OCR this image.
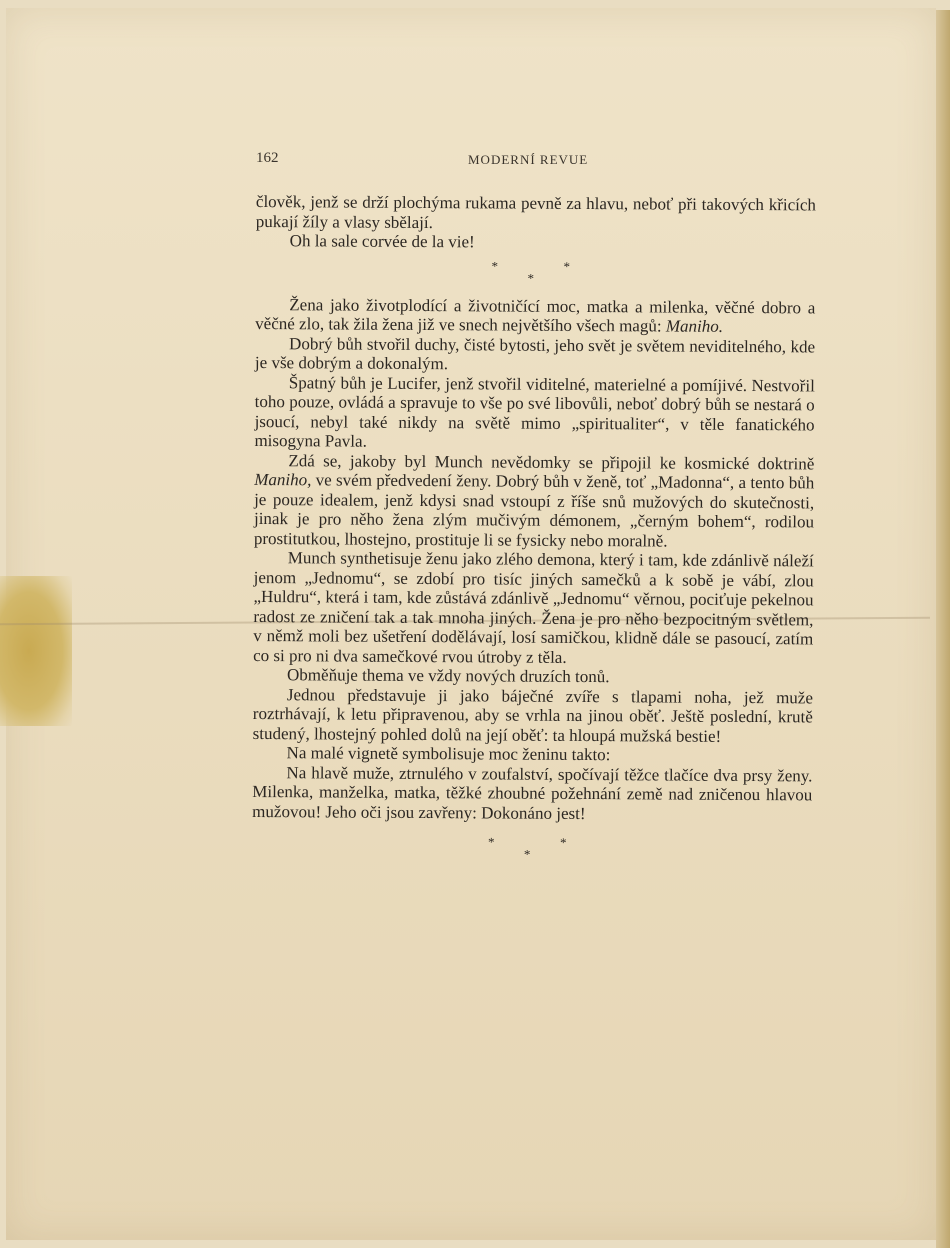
162	MODERNÍ REVUE

člověk, jenž se drží plochýma rukama pevně za hlavu, neboť při takových křicích pukají žíly a vlasy sbělají.

Oh la sale corvée de la vie!

*
*
*

Žena jako životplodící a životničící moc, matka a milenka, věčné dobro a věčné zlo, tak žila žena již ve snech největšího všech magů: Maniho.

Dobrý bůh stvořil duchy, čisté bytosti, jeho svět je světem neviditelného, kde je vše dobrým a dokonalým.

Špatný bůh je Lucifer, jenž stvořil viditelné, materielné a pomíjivé. Nestvořil toho pouze, ovládá a spravuje to vše po své libovůli, neboť dobrý bůh se nestará o jsoucí, nebyl také nikdy na světě mimo „spiritualiter“, v těle fanatického misogyna Pavla.

Zdá se, jakoby byl Munch nevědomky se připojil ke kosmické doktrině Maniho, ve svém předvedení ženy. Dobrý bůh v ženě, toť „Madonna“, a tento bůh je pouze idealem, jenž kdysi snad vstoupí z říše snů mužových do skutečnosti, jinak je pro něho žena zlým mučivým démonem, „černým bohem“, rodilou prostitutkou, lhostejno, prostituje li se fysicky nebo moralně.

Munch synthetisuje ženu jako zlého demona, který i tam, kde zdánlivě náleží jenom „Jednomu“, se zdobí pro tisíc jiných samečků a k sobě je vábí, zlou „Huldru“, která i tam, kde zůstává zdánlivě „Jednomu“ věrnou, pociťuje pekelnou radost ze zničení tak a tak mnoha jiných. Žena je pro něho bezpocitným světlem, v němž moli bez ušetření dodělávají, losí samičkou, klidně dále se pasoucí, zatím co si pro ni dva samečkové rvou útroby z těla.

Obměňuje thema ve vždy nových druzích tonů.

Jednou představuje ji jako báječné zvíře s tlapami noha, jež muže roztrhávají, k letu připravenou, aby se vrhla na jinou oběť. Ještě poslední, krutě studený, lhostejný pohled dolů na její oběť: ta hloupá mužská bestie!

Na malé vignetě symbolisuje moc ženinu takto:

Na hlavě muže, ztrnulého v zoufalství, spočívají těžce tlačíce dva prsy ženy. Milenka, manželka, matka, těžké zhoubné požehnání země nad zničenou hlavou mužovou! Jeho oči jsou zavřeny: Dokonáno jest!

*
*
*
